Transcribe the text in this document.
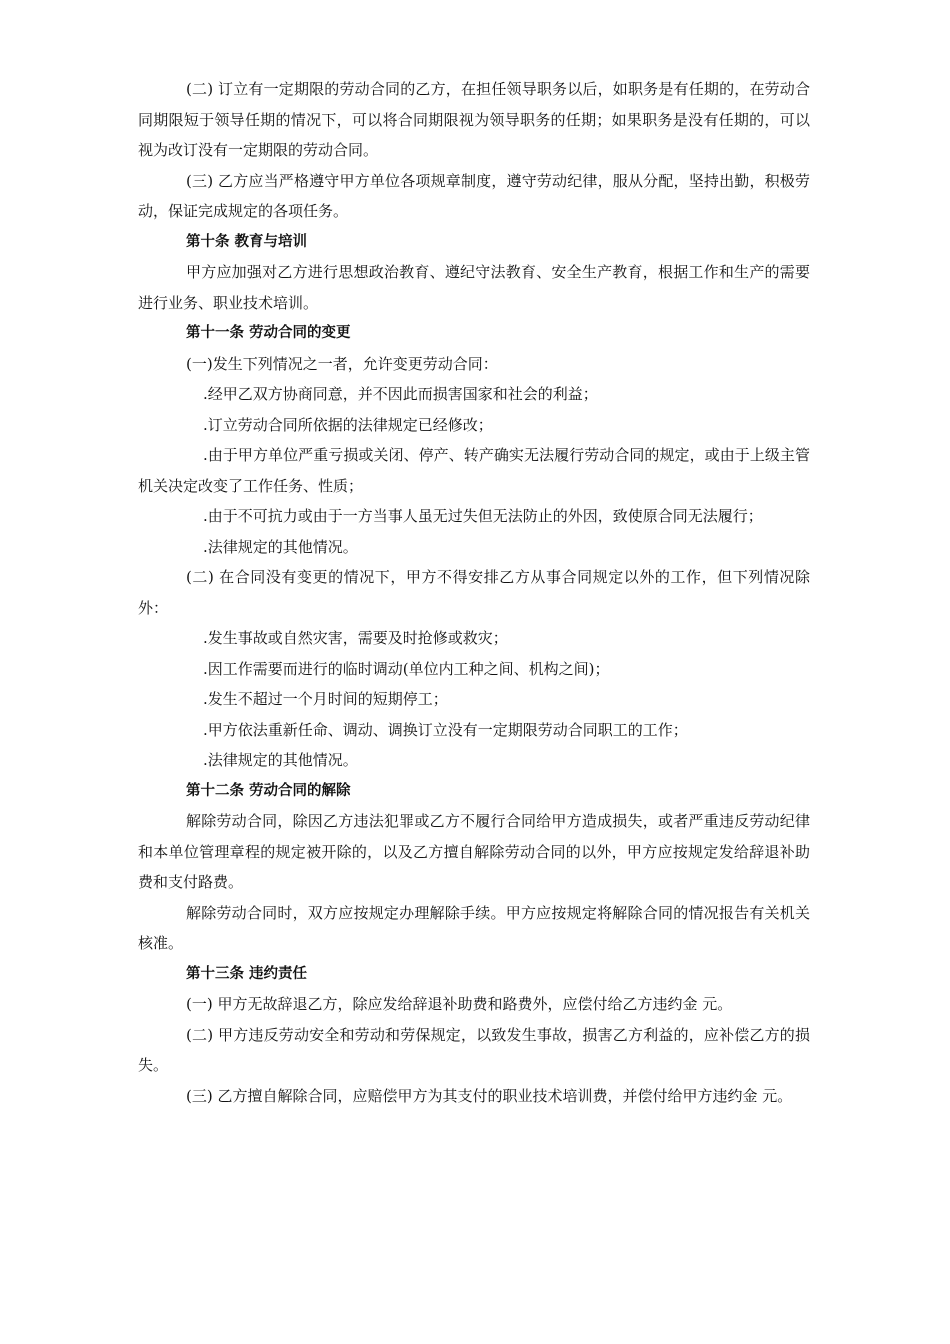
(二) 订立有一定期限的劳动合同的乙方，在担任领导职务以后，如职务是有任期的，在劳动合同期限短于领导任期的情况下，可以将合同期限视为领导职务的任期；如果职务是没有任期的，可以视为改订没有一定期限的劳动合同。

(三) 乙方应当严格遵守甲方单位各项规章制度，遵守劳动纪律，服从分配，坚持出勤，积极劳动，保证完成规定的各项任务。

第十条 教育与培训

甲方应加强对乙方进行思想政治教育、遵纪守法教育、安全生产教育，根据工作和生产的需要进行业务、职业技术培训。

第十一条 劳动合同的变更

(一)发生下列情况之一者，允许变更劳动合同：

.经甲乙双方协商同意，并不因此而损害国家和社会的利益；

.订立劳动合同所依据的法律规定已经修改；

.由于甲方单位严重亏损或关闭、停产、转产确实无法履行劳动合同的规定，或由于上级主管机关决定改变了工作任务、性质；

.由于不可抗力或由于一方当事人虽无过失但无法防止的外因，致使原合同无法履行；

.法律规定的其他情况。

(二) 在合同没有变更的情况下，甲方不得安排乙方从事合同规定以外的工作，但下列情况除外：

.发生事故或自然灾害，需要及时抢修或救灾；

.因工作需要而进行的临时调动(单位内工种之间、机构之间)；

.发生不超过一个月时间的短期停工；

.甲方依法重新任命、调动、调换订立没有一定期限劳动合同职工的工作；

.法律规定的其他情况。

第十二条 劳动合同的解除

解除劳动合同，除因乙方违法犯罪或乙方不履行合同给甲方造成损失，或者严重违反劳动纪律和本单位管理章程的规定被开除的，以及乙方擅自解除劳动合同的以外，甲方应按规定发给辞退补助费和支付路费。

解除劳动合同时，双方应按规定办理解除手续。甲方应按规定将解除合同的情况报告有关机关核准。

第十三条 违约责任

(一) 甲方无故辞退乙方，除应发给辞退补助费和路费外，应偿付给乙方违约金 元。

(二) 甲方违反劳动安全和劳动和劳保规定，以致发生事故，损害乙方利益的，应补偿乙方的损失。

(三) 乙方擅自解除合同，应赔偿甲方为其支付的职业技术培训费，并偿付给甲方违约金 元。
